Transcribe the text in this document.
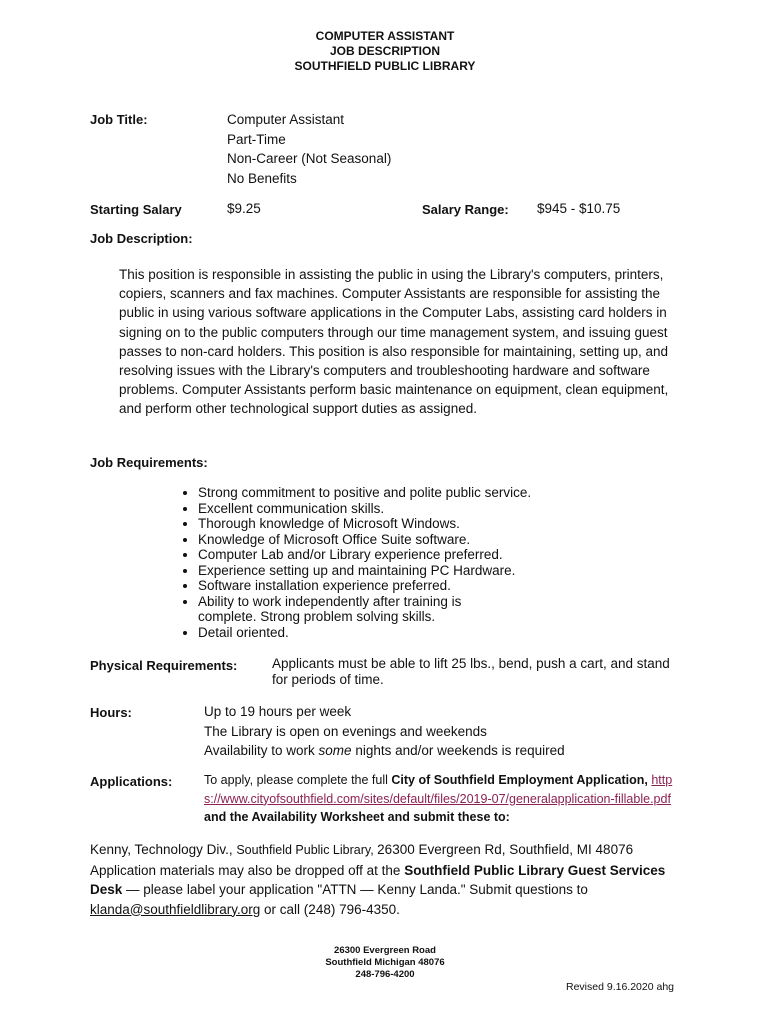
COMPUTER ASSISTANT
JOB DESCRIPTION
SOUTHFIELD PUBLIC LIBRARY
Job Title:	Computer Assistant
Part-Time
Non-Career (Not Seasonal)
No Benefits
Starting Salary	$9.25	Salary Range: $945 - $10.75
Job Description:
This position is responsible in assisting the public in using the Library's computers, printers, copiers, scanners and fax machines. Computer Assistants are responsible for assisting the public in using various software applications in the Computer Labs, assisting card holders in signing on to the public computers through our time management system, and issuing guest passes to non-card holders. This position is also responsible for maintaining, setting up, and resolving issues with the Library's computers and troubleshooting hardware and software problems. Computer Assistants perform basic maintenance on equipment, clean equipment, and perform other technological support duties as assigned.
Job Requirements:
• Strong commitment to positive and polite public service.
• Excellent communication skills.
• Thorough knowledge of Microsoft Windows.
• Knowledge of Microsoft Office Suite software.
• Computer Lab and/or Library experience preferred.
• Experience setting up and maintaining PC Hardware.
• Software installation experience preferred.
• Ability to work independently after training is complete. Strong problem solving skills.
• Detail oriented.
Physical Requirements:	Applicants must be able to lift 25 lbs., bend, push a cart, and stand for periods of time.
Hours:	Up to 19 hours per week
The Library is open on evenings and weekends
Availability to work some nights and/or weekends is required
Applications:	To apply, please complete the full City of Southfield Employment Application, https://www.cityofsouthfield.com/sites/default/files/2019-07/generalapplication-fillable.pdf and the Availability Worksheet and submit these to:
Kenny, Technology Div., Southfield Public Library, 26300 Evergreen Rd, Southfield, MI 48076
Application materials may also be dropped off at the Southfield Public Library Guest Services Desk — please label your application "ATTN — Kenny Landa." Submit questions to
klanda@southfieldlibrary.org or call (248) 796-4350.
26300 Evergreen Road
Southfield Michigan 48076
248-796-4200
Revised 9.16.2020 ahg
